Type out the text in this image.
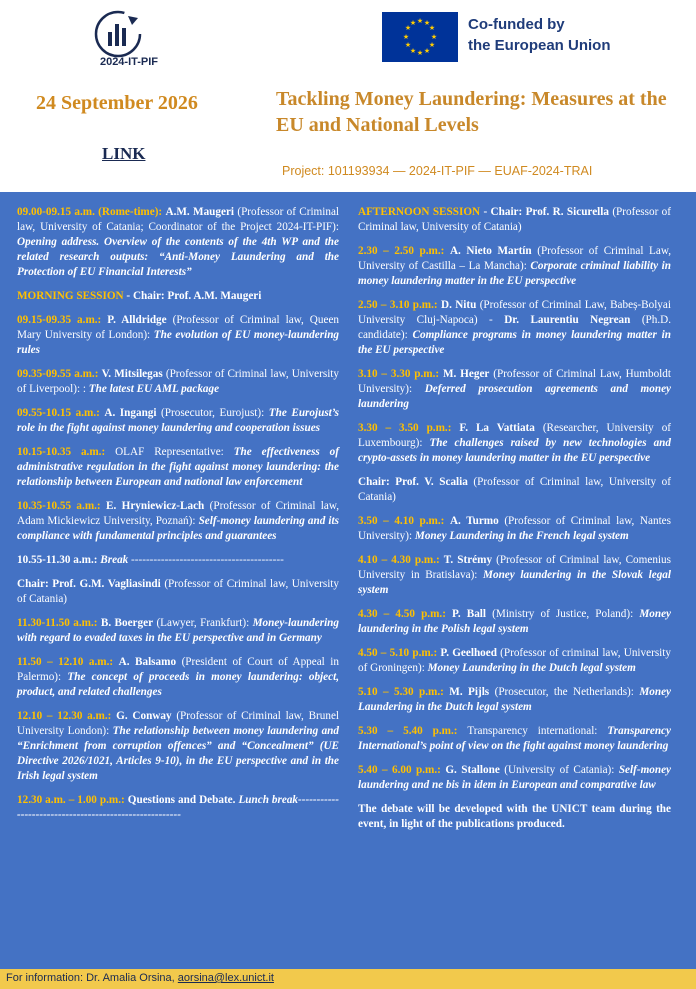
2024-IT-PIF
★ ★
★
★
★
★
★
★
★
★
★
★	Co-funded by
the European Union
24 September 2026
LINK
Tackling Money Laundering: Measures at the EU and National Levels
Project: 101193934 — 2024-IT-PIF — EUAF-2024-TRAI

09.00-09.15 a.m. (Rome-time): A.M. Maugeri (Professor of Criminal law, University of Catania; Coordinator of the Project 2024-IT-PIF): Opening address. Overview of the contents of the 4th WP and the related research outputs: “Anti-Money Laundering and the Protection of EU Financial Interests”

MORNING SESSION - Chair: Prof. A.M. Maugeri

09.15-09.35 a.m.: P. Alldridge (Professor of Criminal law, Queen Mary University of London): The evolution of EU money-laundering rules

09.35-09.55 a.m.: V. Mitsilegas (Professor of Criminal law, University of Liverpool): : The latest EU AML package

09.55-10.15 a.m.: A. Ingangi (Prosecutor, Eurojust): The Eurojust’s role in the fight against money laundering and cooperation issues

10.15-10.35 a.m.: OLAF Representative: The effectiveness of administrative regulation in the fight against money laundering: the relationship between European and national law enforcement

10.35-10.55 a.m.: E. Hryniewicz-Lach (Professor of Criminal law, Adam Mickiewicz University, Poznań): Self-money laundering and its compliance with fundamental principles and guarantees

10.55-11.30 a.m.: Break -----------------------------------------

Chair: Prof. G.M. Vagliasindi (Professor of Criminal law, University of Catania)

11.30-11.50 a.m.: B. Boerger (Lawyer, Frankfurt): Money-laundering with regard to evaded taxes in the EU perspective and in Germany

11.50 – 12.10 a.m.: A. Balsamo (President of Court of Appeal in Palermo): The concept of proceeds in money laundering: object, product, and related challenges

12.10 – 12.30 a.m.: G. Conway (Professor of Criminal law, Brunel University London): The relationship between money laundering and “Enrichment from corruption offences” and “Concealment” (UE Directive 2026/1021, Articles 9-10), in the EU perspective and in the Irish legal system

12.30 a.m. – 1.00 p.m.: Questions and Debate. Lunch break-------------------------------------------------------

AFTERNOON SESSION - Chair: Prof. R. Sicurella (Professor of Criminal law, University of Catania)

2.30 – 2.50 p.m.: A. Nieto Martín (Professor of Criminal Law, University of Castilla – La Mancha): Corporate criminal liability in money laundering matter in the EU perspective

2.50 – 3.10 p.m.: D. Nitu (Professor of Criminal Law, Babeș-Bolyai University Cluj-Napoca) - Dr. Laurentiu Negrean (Ph.D. candidate): Compliance programs in money laundering matter in the EU perspective

3.10 – 3.30 p.m.: M. Heger (Professor of Criminal Law, Humboldt University): Deferred prosecution agreements and money laundering

3.30 – 3.50 p.m.: F. La Vattiata (Researcher, University of Luxembourg): The challenges raised by new technologies and crypto-assets in money laundering matter in the EU perspective

Chair: Prof. V. Scalia (Professor of Criminal law, University of Catania)

3.50 – 4.10 p.m.: A. Turmo (Professor of Criminal law, Nantes University): Money Laundering in the French legal system

4.10 – 4.30 p.m.: T. Strémy (Professor of Criminal law, Comenius University in Bratislava): Money laundering in the Slovak legal system

4.30 – 4.50 p.m.: P. Ball (Ministry of Justice, Poland): Money laundering in the Polish legal system

4.50 – 5.10 p.m.: P. Geelhoed (Professor of criminal law, University of Groningen): Money Laundering in the Dutch legal system

5.10 – 5.30 p.m.: M. Pijls (Prosecutor, the Netherlands): Money Laundering in the Dutch legal system

5.30 – 5.40 p.m.: Transparency international: Transparency International’s point of view on the fight against money laundering

5.40 – 6.00 p.m.: G. Stallone (University of Catania): Self-money laundering and ne bis in idem in European and comparative law

The debate will be developed with the UNICT team during the event, in light of the publications produced.

For information: Dr. Amalia Orsina, aorsina@lex.unict.it
